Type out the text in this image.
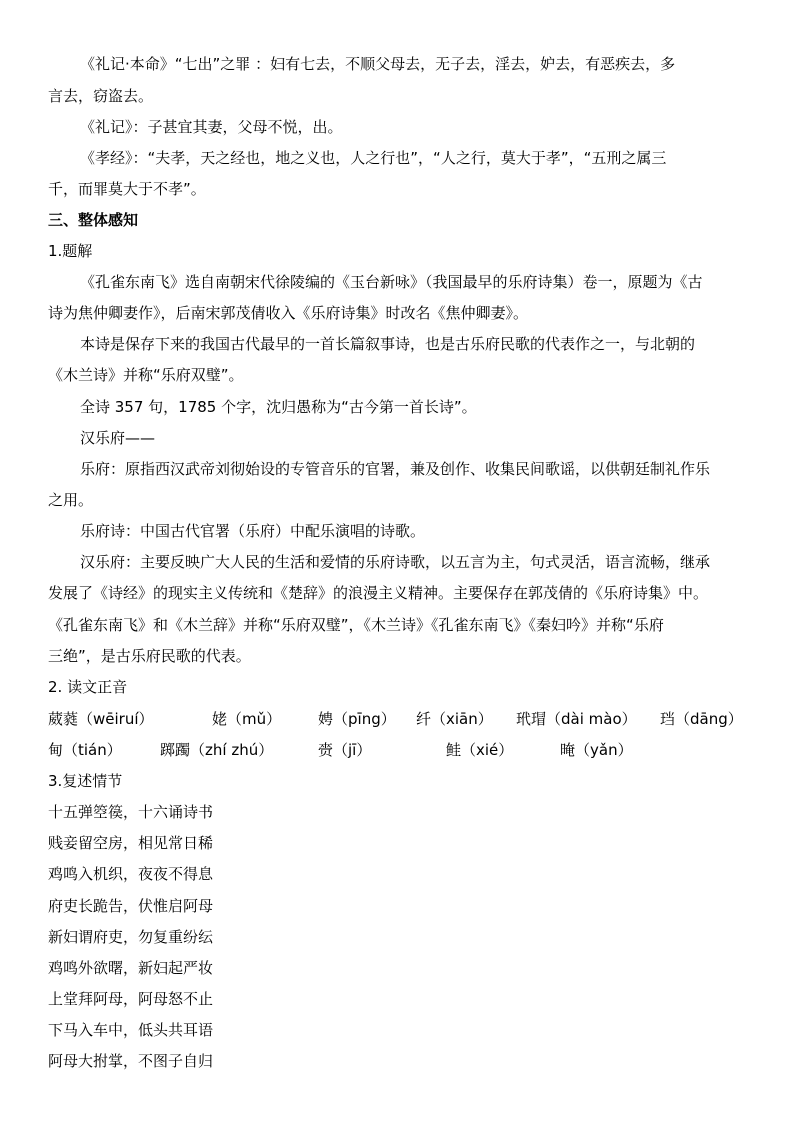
《礼记·本命》“七出”之罪 ：妇有七去，不顺父母去，无子去，淫去，妒去，有恶疾去，多
言去，窃盗去。
《礼记》：子甚宜其妻，父母不悦，出。
《孝经》：“夫孝，天之经也，地之义也，人之行也”，“人之行，莫大于孝”，“五刑之属三
千，而罪莫大于不孝”。
三、整体感知
1.题解
《孔雀东南飞》选自南朝宋代徐陵编的《玉台新咏》（我国最早的乐府诗集）卷一，原题为《古
诗为焦仲卿妻作》，后南宋郭茂倩收入《乐府诗集》时改名《焦仲卿妻》。
本诗是保存下来的我国古代最早的一首长篇叙事诗，也是古乐府民歌的代表作之一，与北朝的
《木兰诗》并称“乐府双璧”。
全诗 357 句，1785 个字，沈归愚称为“古今第一首长诗”。
汉乐府——
乐府：原指西汉武帝刘彻始设的专管音乐的官署，兼及创作、收集民间歌谣，以供朝廷制礼作乐
之用。
乐府诗：中国古代官署（乐府）中配乐演唱的诗歌。
汉乐府：主要反映广大人民的生活和爱情的乐府诗歌，以五言为主，句式灵活，语言流畅，继承
发展了《诗经》的现实主义传统和《楚辞》的浪漫主义精神。主要保存在郭茂倩的《乐府诗集》中。
《孔雀东南飞》和《木兰辞》并称“乐府双璧”，《木兰诗》《孔雀东南飞》《秦妇吟》并称“乐府
三绝”，是古乐府民歌的代表。
2. 读文正音
葳蕤（wēiruí）	姥（mǔ） 娉（pīng） 纤（xiān） 玳瑁（dài mào） 珰（dāng）
甸（tián）	踯躅（zhí zhú）	赍（jī）	鲑（xié）	晻（yǎn）
3.复述情节
十五弹箜篌，十六诵诗书
贱妾留空房，相见常日稀
鸡鸣入机织，夜夜不得息
府吏长跪告，伏惟启阿母
新妇谓府吏，勿复重纷纭
鸡鸣外欲曙，新妇起严妆
上堂拜阿母，阿母怒不止
下马入车中，低头共耳语
阿母大拊掌，不图子自归
